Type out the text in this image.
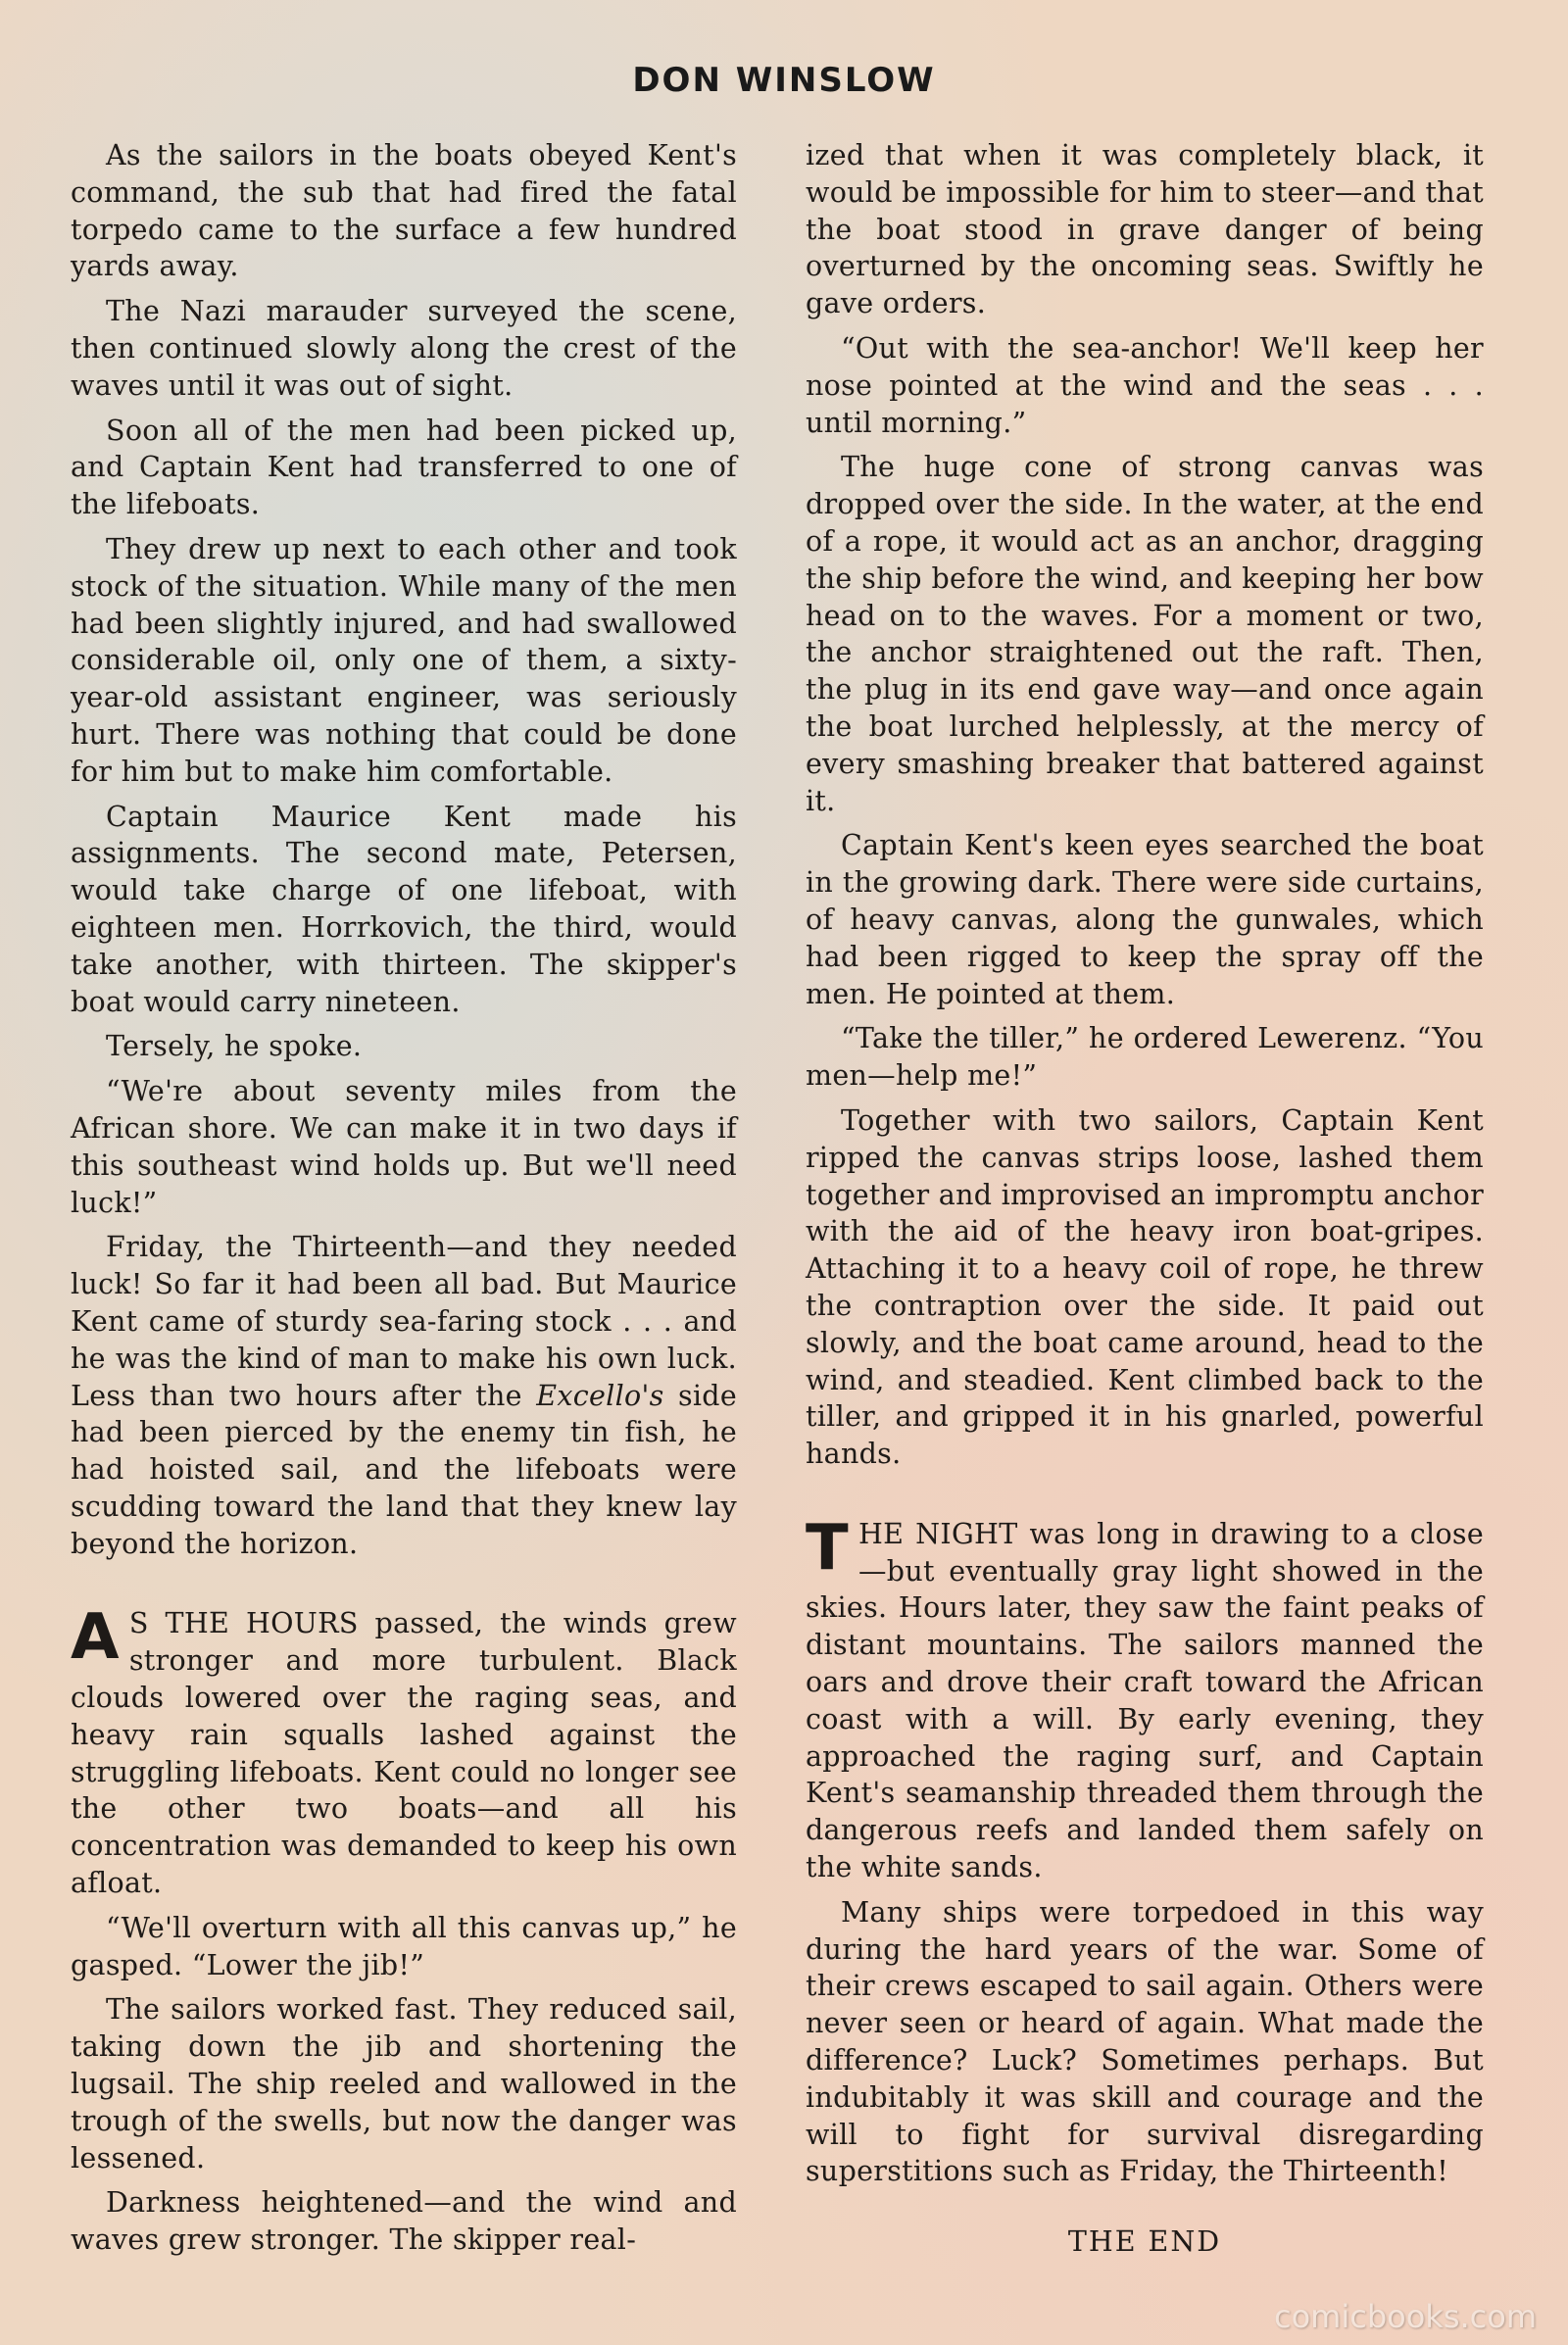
DON WINSLOW

As the sailors in the boats obeyed Kent's command, the sub that had fired the fatal torpedo came to the surface a few hundred yards away.

The Nazi marauder surveyed the scene, then continued slowly along the crest of the waves until it was out of sight.

Soon all of the men had been picked up, and Captain Kent had transferred to one of the lifeboats.

They drew up next to each other and took stock of the situation. While many of the men had been slightly injured, and had swallowed considerable oil, only one of them, a sixty-year-old assistant engineer, was seriously hurt. There was nothing that could be done for him but to make him comfortable.

Captain Maurice Kent made his assignments. The second mate, Petersen, would take charge of one lifeboat, with eighteen men. Horrkovich, the third, would take another, with thirteen. The skipper's boat would carry nineteen.

Tersely, he spoke.

“We're about seventy miles from the African shore. We can make it in two days if this southeast wind holds up. But we'll need luck!”

Friday, the Thirteenth—and they needed luck! So far it had been all bad. But Maurice Kent came of sturdy sea-faring stock . . . and he was the kind of man to make his own luck. Less than two hours after the Excello's side had been pierced by the enemy tin fish, he had hoisted sail, and the lifeboats were scudding toward the land that they knew lay beyond the horizon.

A S THE HOURS passed, the winds grew stronger and more turbulent. Black clouds lowered over the raging seas, and heavy rain squalls lashed against the struggling lifeboats. Kent could no longer see the other two boats—and all his concentration was demanded to keep his own afloat.

“We'll overturn with all this canvas up,” he gasped. “Lower the jib!”

The sailors worked fast. They reduced sail, taking down the jib and shortening the lugsail. The ship reeled and wallowed in the trough of the swells, but now the danger was lessened.

Darkness heightened—and the wind and waves grew stronger. The skipper real-

ized that when it was completely black, it would be impossible for him to steer—and that the boat stood in grave danger of being overturned by the oncoming seas. Swiftly he gave orders.

“Out with the sea-anchor! We'll keep her nose pointed at the wind and the seas . . . until morning.”

The huge cone of strong canvas was dropped over the side. In the water, at the end of a rope, it would act as an anchor, dragging the ship before the wind, and keeping her bow head on to the waves. For a moment or two, the anchor straightened out the raft. Then, the plug in its end gave way—and once again the boat lurched helplessly, at the mercy of every smashing breaker that battered against it.

Captain Kent's keen eyes searched the boat in the growing dark. There were side curtains, of heavy canvas, along the gunwales, which had been rigged to keep the spray off the men. He pointed at them.

“Take the tiller,” he ordered Lewerenz. “You men—help me!”

Together with two sailors, Captain Kent ripped the canvas strips loose, lashed them together and improvised an impromptu anchor with the aid of the heavy iron boat-gripes. Attaching it to a heavy coil of rope, he threw the contraption over the side. It paid out slowly, and the boat came around, head to the wind, and steadied. Kent climbed back to the tiller, and gripped it in his gnarled, powerful hands.

THE NIGHT was long in drawing to a close—but eventually gray light showed in the skies. Hours later, they saw the faint peaks of distant mountains. The sailors manned the oars and drove their craft toward the African coast with a will. By early evening, they approached the raging surf, and Captain Kent's seamanship threaded them through the dangerous reefs and landed them safely on the white sands.

Many ships were torpedoed in this way during the hard years of the war. Some of their crews escaped to sail again. Others were never seen or heard of again. What made the difference? Luck? Sometimes perhaps. But indubitably it was skill and courage and the will to fight for survival disregarding superstitions such as Friday, the Thirteenth!

THE END

comicbooks.com
